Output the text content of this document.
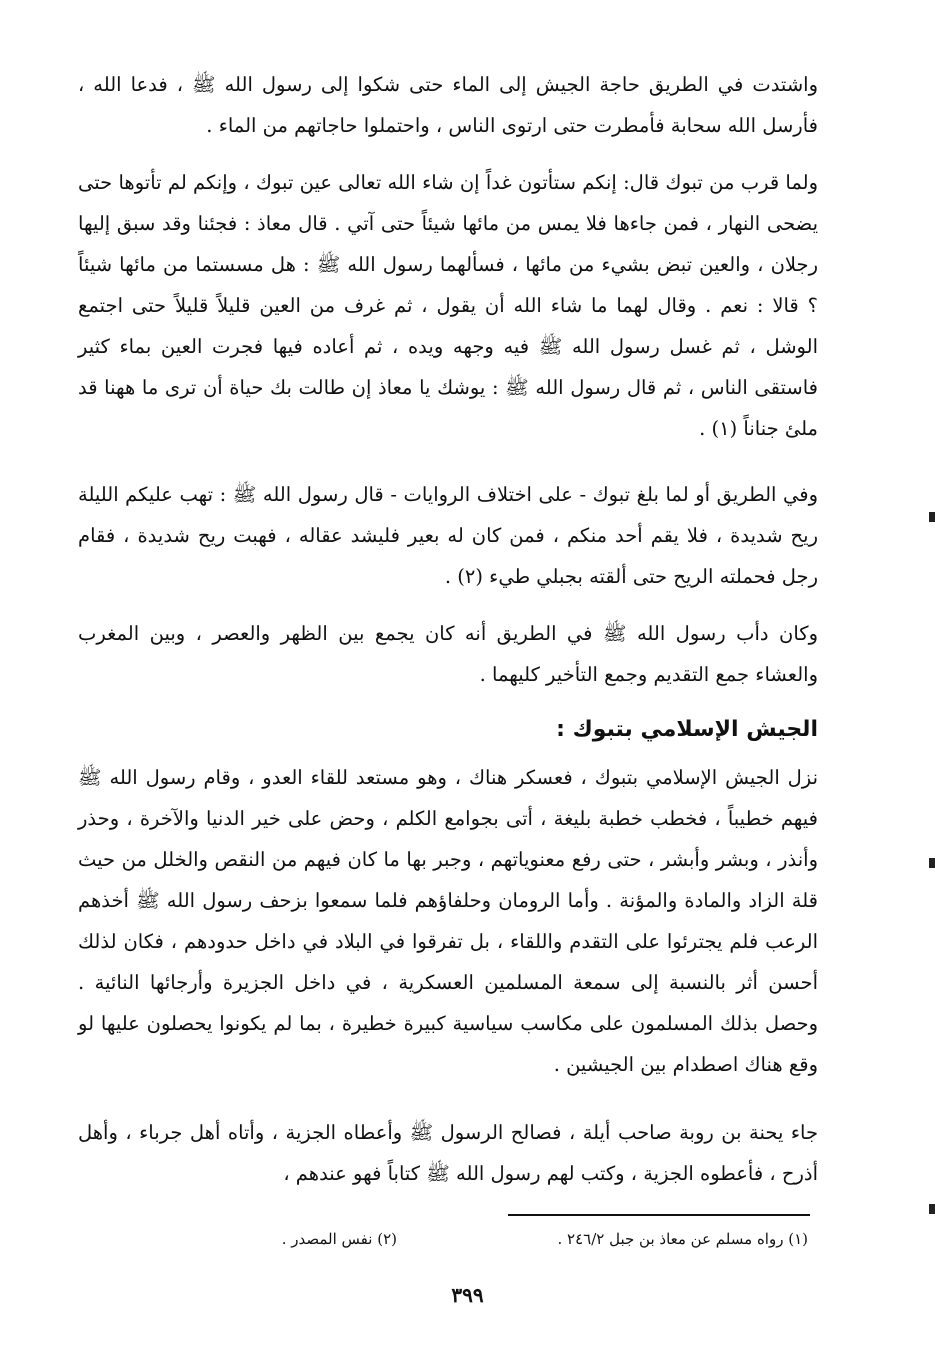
واشتدت في الطريق حاجة الجيش إلى الماء حتى شكوا إلى رسول الله ﷺ ، فدعا الله ، فأرسل الله سحابة فأمطرت حتى ارتوى الناس ، واحتملوا حاجاتهم من الماء .
ولما قرب من تبوك قال: إنكم ستأتون غداً إن شاء الله تعالى عين تبوك ، وإنكم لم تأتوها حتى يضحى النهار ، فمن جاءها فلا يمس من مائها شيئاً حتى آتي . قال معاذ : فجئنا وقد سبق إليها رجلان ، والعين تبض بشيء من مائها ، فسألهما رسول الله ﷺ : هل مسستما من مائها شيئاً ؟ قالا : نعم . وقال لهما ما شاء الله أن يقول ، ثم غرف من العين قليلاً قليلاً حتى اجتمع الوشل ، ثم غسل رسول الله ﷺ فيه وجهه ويده ، ثم أعاده فيها فجرت العين بماء كثير فاستقى الناس ، ثم قال رسول الله ﷺ : يوشك يا معاذ إن طالت بك حياة أن ترى ما ههنا قد ملئ جناناً (١) .
وفي الطريق أو لما بلغ تبوك - على اختلاف الروايات - قال رسول الله ﷺ : تهب عليكم الليلة ريح شديدة ، فلا يقم أحد منكم ، فمن كان له بعير فليشد عقاله ، فهبت ريح شديدة ، فقام رجل فحملته الريح حتى ألقته بجبلي طيء (٢) .
وكان دأب رسول الله ﷺ في الطريق أنه كان يجمع بين الظهر والعصر ، وبين المغرب والعشاء جمع التقديم وجمع التأخير كليهما .
الجيش الإسلامي بتبوك :
نزل الجيش الإسلامي بتبوك ، فعسكر هناك ، وهو مستعد للقاء العدو ، وقام رسول الله ﷺ فيهم خطيباً ، فخطب خطبة بليغة ، أتى بجوامع الكلم ، وحض على خير الدنيا والآخرة ، وحذر وأنذر ، وبشر وأبشر ، حتى رفع معنوياتهم ، وجبر بها ما كان فيهم من النقص والخلل من حيث قلة الزاد والمادة والمؤنة . وأما الرومان وحلفاؤهم فلما سمعوا بزحف رسول الله ﷺ أخذهم الرعب فلم يجترئوا على التقدم واللقاء ، بل تفرقوا في البلاد في داخل حدودهم ، فكان لذلك أحسن أثر بالنسبة إلى سمعة المسلمين العسكرية ، في داخل الجزيرة وأرجائها النائية . وحصل بذلك المسلمون على مكاسب سياسية كبيرة خطيرة ، بما لم يكونوا يحصلون عليها لو وقع هناك اصطدام بين الجيشين .
جاء يحنة بن روبة صاحب أيلة ، فصالح الرسول ﷺ وأعطاه الجزية ، وأتاه أهل جرباء ، وأهل أذرح ، فأعطوه الجزية ، وكتب لهم رسول الله ﷺ كتاباً فهو عندهم ،
(١) رواه مسلم عن معاذ بن جبل ٢٤٦/٢ .
(٢) نفس المصدر .
٣٩٩
